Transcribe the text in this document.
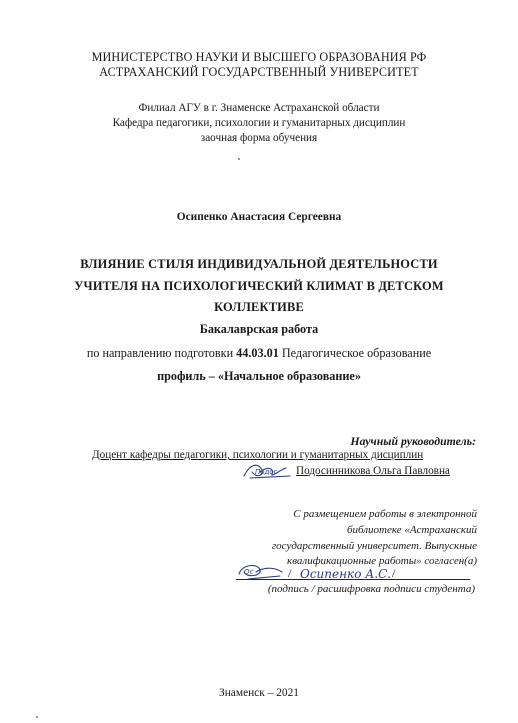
МИНИСТЕРСТВО НАУКИ И ВЫСШЕГО ОБРАЗОВАНИЯ РФ
АСТРАХАНСКИЙ ГОСУДАРСТВЕННЫЙ УНИВЕРСИТЕТ
Филиал АГУ в г. Знаменске Астраханской области
Кафедра педагогики, психологии и гуманитарных дисциплин
заочная форма обучения
Осипенко Анастасия Сергеевна
ВЛИЯНИЕ СТИЛЯ ИНДИВИДУАЛЬНОЙ ДЕЯТЕЛЬНОСТИ
УЧИТЕЛЯ НА ПСИХОЛОГИЧЕСКИЙ КЛИМАТ В ДЕТСКОМ
КОЛЛЕКТИВЕ
Бакалаврская работа
по направлению подготовки 44.03.01 Педагогическое образование
профиль – «Начальное образование»
Научный руководитель:
Доцент кафедры педагогики, психологии и гуманитарных дисциплин
Подосинникова Ольга Павловна
Подос
С размещением работы в электронной
библиотеке «Астраханский
государственный университет. Выпускные
квалификационные работы» согласен(а)
/	/
Ос	Осипенко А.С.
(подпись / расшифровка подписи студента)
Знаменск – 2021
